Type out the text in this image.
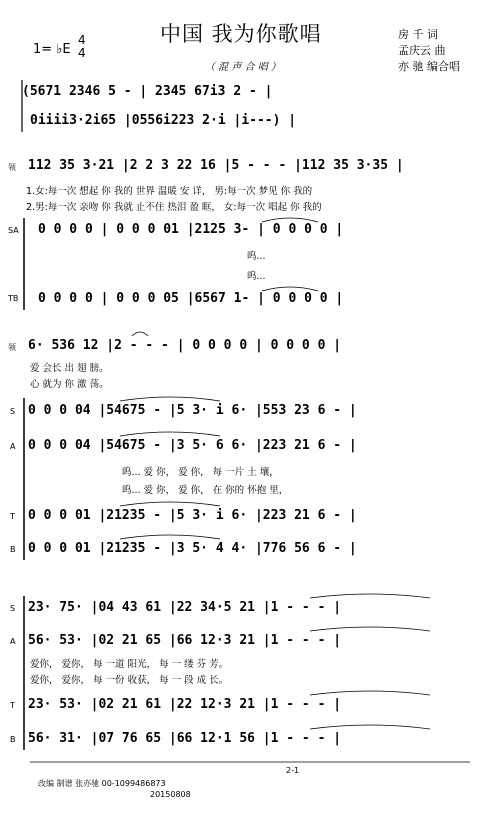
中国 我为你歌唱
1= ♭E
4
4
（ 混 声 合 唱 ）
房 千 词
孟庆云 曲
亦 驰 编合唱
(5671 2346 5 - | 2345 67i3 2 - |
0iiii3·2i65 |0556i223 2·i |i---) |
领 112 35 3·21 |2 2 3 22 16 |5 - - - |112 35 3·35 |
1.女:每一次 想起 你 我的 世界 温暖 安 详， 男:每一次 梦见 你 我的
2.男:每一次 亲吻 你 我就 止不住 热泪 盈 眶， 女:每一次 唱起 你 我的
SA 0 0 0 0 | 0 0 0 01 |2125 3- | 0 0 0 0 |
呜...
呜...
TB 0 0 0 0 | 0 0 0 05 |6567 1- | 0 0 0 0 |
领 6· 536 12 |2 - - - | 0 0 0 0 | 0 0 0 0 |
爱 会长 出 翅 膀。
心 就为 你 激 荡。
S 0 0 0 04 |54675 - |5 3· i 6· |553 23 6 - |
A 0 0 0 04 |54675 - |3 5· 6 6· |223 21 6 - |
呜... 爱 你， 爱 你， 每 一片 土 壤，
呜... 爱 你， 爱 你， 在 你的 怀抱 里，
T 0 0 0 01 |21235 - |5 3· i 6· |223 21 6 - |
B 0 0 0 01 |21235 - |3 5· 4 4· |776 56 6 - |
S 23· 75· |04 43 61 |22 34·5 21 |1 - - - |
A 56· 53· |02 21 65 |66 12·3 21 |1 - - - |
爱你， 爱你， 每 一道 阳光， 每 一 缕 芬 芳。
爱你， 爱你， 每 一份 收获， 每 一 段 成 长。
T 23· 53· |02 21 61 |22 12·3 21 |1 - - - |
B 56· 31· |07 76 65 |66 12·1 56 |1 - - - |
2-1
改编 制谱 张亦驰 00-1099486873
20150808
